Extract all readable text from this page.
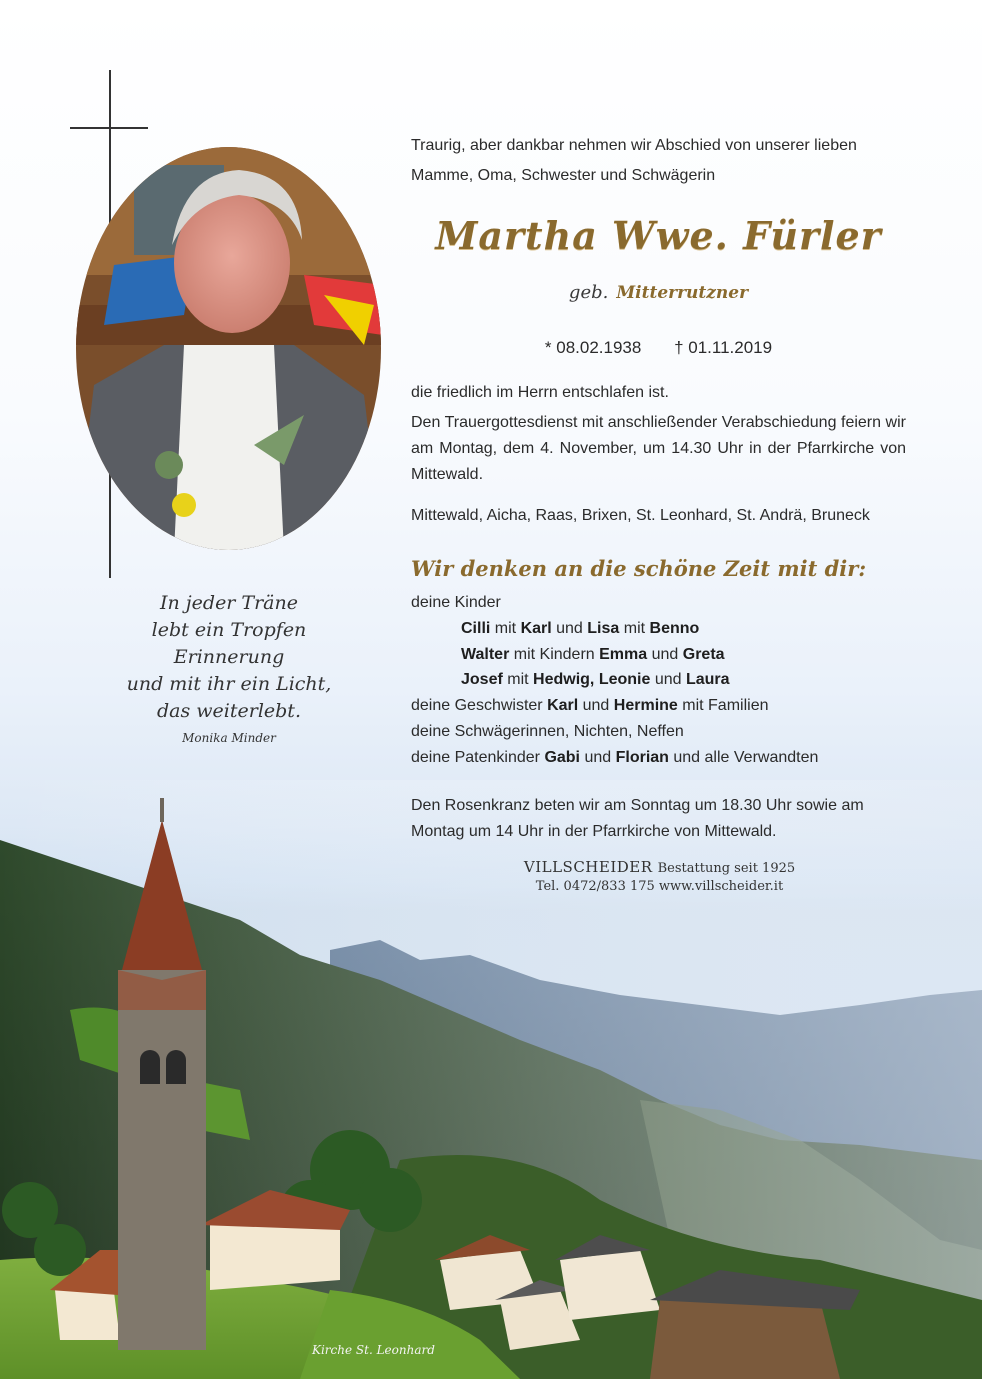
In jeder Träne
lebt ein Tropfen Erinnerung
und mit ihr ein Licht,
das weiterlebt.
Monika Minder
Traurig, aber dankbar nehmen wir Abschied von unserer lieben
Mamme, Oma, Schwester und Schwägerin
Martha Wwe. Fürler
geb. Mitterrutzner
* 08.02.1938 † 01.11.2019
die friedlich im Herrn entschlafen ist.
Den Trauergottesdienst mit anschließender Verabschiedung feiern wir am Montag, dem 4. November, um 14.30 Uhr in der Pfarrkirche von Mittewald.
Mittewald, Aicha, Raas, Brixen, St. Leonhard, St. Andrä, Bruneck
Wir denken an die schöne Zeit mit dir:
deine Kinder
Cilli mit Karl und Lisa mit Benno
Walter mit Kindern Emma und Greta
Josef mit Hedwig, Leonie und Laura
deine Geschwister Karl und Hermine mit Familien
deine Schwägerinnen, Nichten, Neffen
deine Patenkinder Gabi und Florian und alle Verwandten
Den Rosenkranz beten wir am Sonntag um 18.30 Uhr sowie am Montag um 14 Uhr in der Pfarrkirche von Mittewald.
VILLSCHEIDER Bestattung seit 1925
Tel. 0472/833 175 www.villscheider.it
Kirche St. Leonhard
